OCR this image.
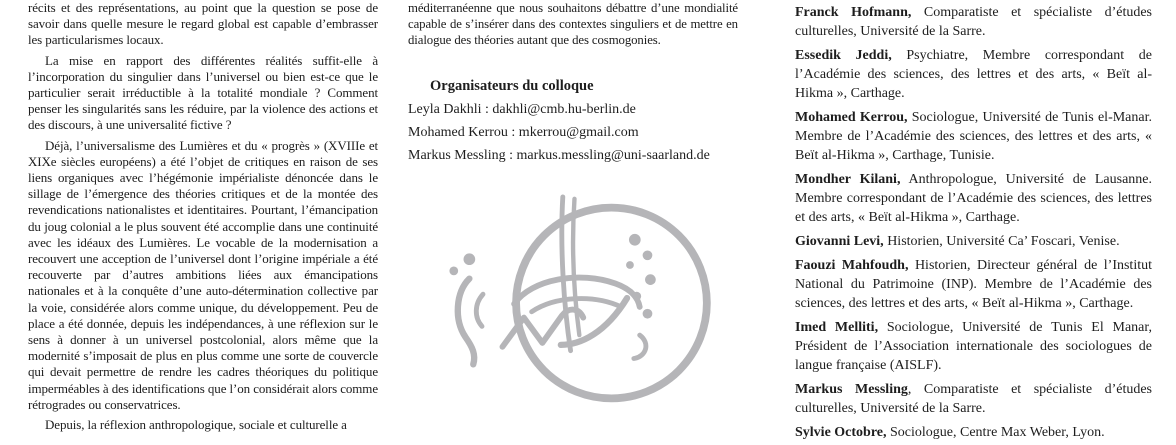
récits et des représentations, au point que la question se pose de savoir dans quelle mesure le regard global est capable d’embrasser les particularismes locaux.

La mise en rapport des différentes réalités suffit-elle à l’incorporation du singulier dans l’universel ou bien est-ce que le particulier serait irréductible à la totalité mondiale ? Comment penser les singularités sans les réduire, par la violence des actions et des discours, à une universalité fictive ?

Déjà, l’universalisme des Lumières et du « progrès » (XVIIIe et XIXe siècles européens) a été l’objet de critiques en raison de ses liens organiques avec l’hégémonie impérialiste dénoncée dans le sillage de l’émergence des théories critiques et de la montée des revendications nationalistes et identitaires. Pourtant, l’émancipation du joug colonial a le plus souvent été accomplie dans une continuité avec les idéaux des Lumières. Le vocable de la modernisation a recouvert une acception de l’universel dont l’origine impériale a été recouverte par d’autres ambitions liées aux émancipations nationales et à la conquête d’une auto-détermination collective par la voie, considérée alors comme unique, du développement. Peu de place a été donnée, depuis les indépendances, à une réflexion sur le sens à donner à un universel postcolonial, alors même que la modernité s’imposait de plus en plus comme une sorte de couvercle qui devait permettre de rendre les cadres théoriques du politique imperméables à des identifications que l’on considérait alors comme rétrogrades ou conservatrices.

Depuis, la réflexion anthropologique, sociale et culturelle a

méditerranéenne que nous souhaitons débattre d’une mondialité capable de s’insérer dans des contextes singuliers et de mettre en dialogue des théories autant que des cosmogonies.

Organisateurs du colloque

Leyla Dakhli : dakhli@cmb.hu-berlin.de

Mohamed Kerrou : mkerrou@gmail.com

Markus Messling : markus.messling@uni-saarland.de

Franck Hofmann, Comparatiste et spécialiste d’études culturelles, Université de la Sarre.

Essedik Jeddi, Psychiatre, Membre correspondant de l’Académie des sciences, des lettres et des arts, « Beït al-Hikma », Carthage.

Mohamed Kerrou, Sociologue, Université de Tunis el-Manar. Membre de l’Académie des sciences, des lettres et des arts, « Beït al-Hikma », Carthage, Tunisie.

Mondher Kilani, Anthropologue, Université de Lausanne. Membre correspondant de l’Académie des sciences, des lettres et des arts, « Beït al-Hikma », Carthage.

Giovanni Levi, Historien, Université Ca’ Foscari, Venise.

Faouzi Mahfoudh, Historien, Directeur général de l’Institut National du Patrimoine (INP). Membre de l’Académie des sciences, des lettres et des arts, « Beït al-Hikma », Carthage.

Imed Melliti, Sociologue, Université de Tunis El Manar, Président de l’Association internationale des sociologues de langue française (AISLF).

Markus Messling, Comparatiste et spécialiste d’études culturelles, Université de la Sarre.

Sylvie Octobre, Sociologue, Centre Max Weber, Lyon.
